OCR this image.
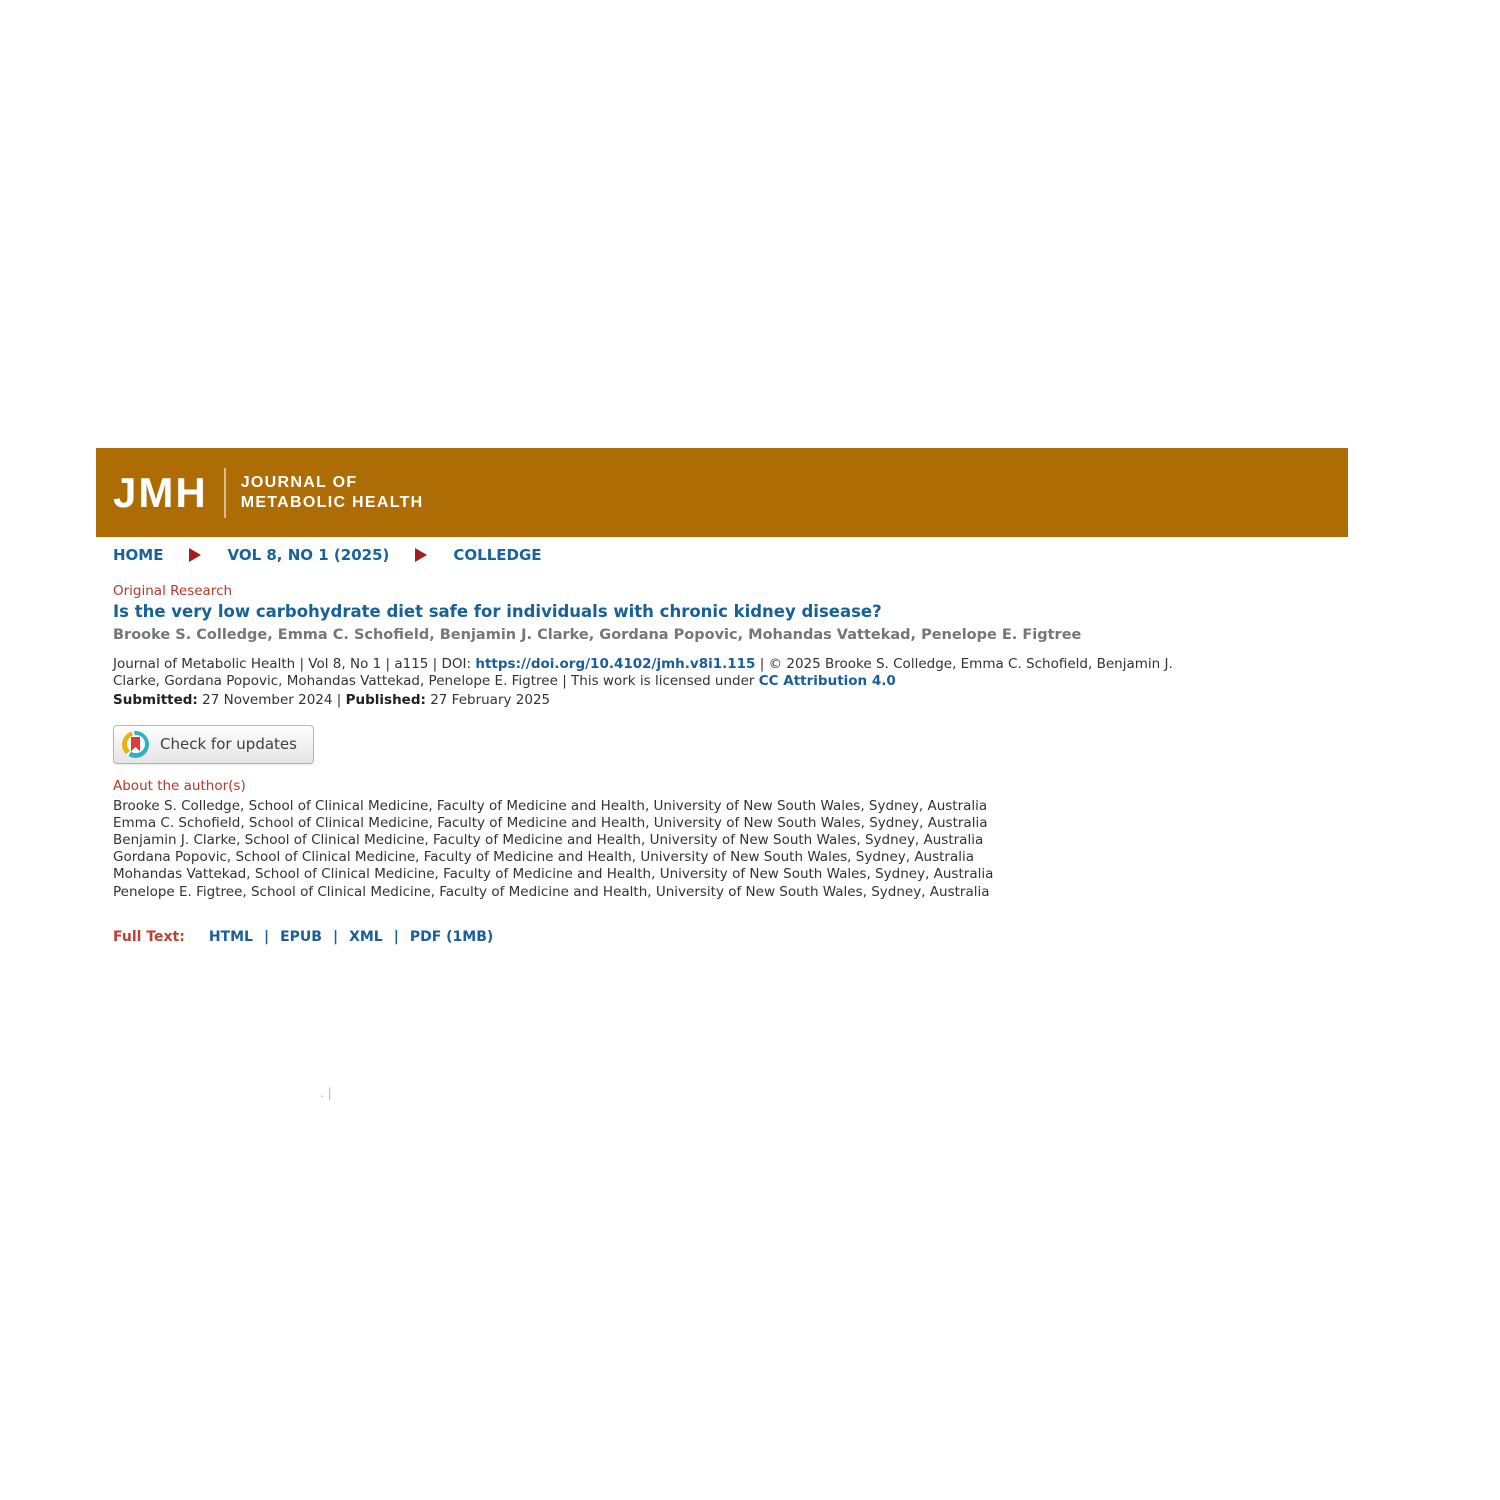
JMH JOURNAL OF
METABOLIC HEALTH
HOME	VOL 8, NO 1 (2025)	COLLEDGE
Original Research
Is the very low carbohydrate diet safe for individuals with chronic kidney disease?
Brooke S. Colledge, Emma C. Schofield, Benjamin J. Clarke, Gordana Popovic, Mohandas Vattekad, Penelope E. Figtree

Journal of Metabolic Health | Vol 8, No 1 | a115 | DOI: https://doi.org/10.4102/jmh.v8i1.115 | © 2025 Brooke S. Colledge, Emma C. Schofield, Benjamin J.
Clarke, Gordana Popovic, Mohandas Vattekad, Penelope E. Figtree | This work is licensed under CC Attribution 4.0

Submitted: 27 November 2024 | Published: 27 February 2025

Check for updates
About the author(s)
Brooke S. Colledge, School of Clinical Medicine, Faculty of Medicine and Health, University of New South Wales, Sydney, Australia
Emma C. Schofield, School of Clinical Medicine, Faculty of Medicine and Health, University of New South Wales, Sydney, Australia
Benjamin J. Clarke, School of Clinical Medicine, Faculty of Medicine and Health, University of New South Wales, Sydney, Australia
Gordana Popovic, School of Clinical Medicine, Faculty of Medicine and Health, University of New South Wales, Sydney, Australia
Mohandas Vattekad, School of Clinical Medicine, Faculty of Medicine and Health, University of New South Wales, Sydney, Australia
Penelope E. Figtree, School of Clinical Medicine, Faculty of Medicine and Health, University of New South Wales, Sydney, Australia
Full Text: HTML | EPUB | XML | PDF (1MB)
. |
